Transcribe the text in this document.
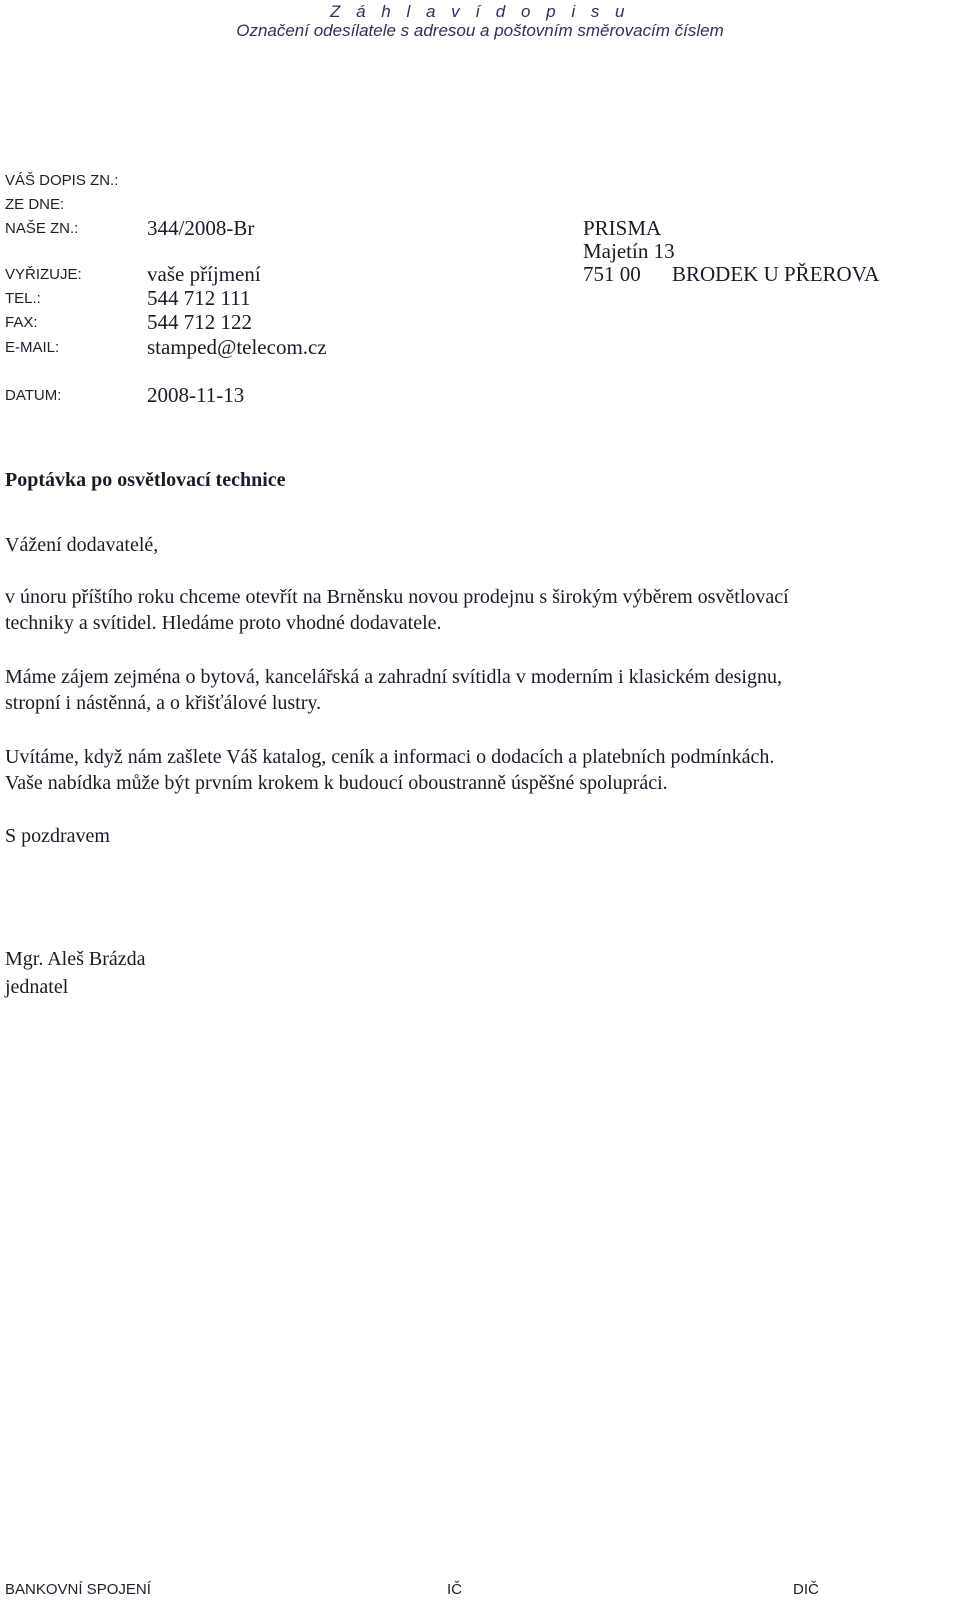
Z á h l a v í d o p i s u
Označení odesílatele s adresou a poštovním směrovacím číslem
VÁŠ DOPIS ZN.:
ZE DNE:
NAŠE ZN.:	344/2008-Br
VYŘIZUJE:	vaše příjmení
TEL.:	544 712 111
FAX:	544 712 122
E-MAIL:	stamped@telecom.cz
DATUM:	2008-11-13
PRISMA
Majetín 13
751 00 BRODEK U PŘEROVA
Poptávka po osvětlovací technice
Vážení dodavatelé,

v únoru příštího roku chceme otevřít na Brněnsku novou prodejnu s širokým výběrem osvětlovací

techniky a svítidel. Hledáme proto vhodné dodavatele.

Máme zájem zejména o bytová, kancelářská a zahradní svítidla v moderním i klasickém designu,

stropní i nástěnná, a o křišťálové lustry.

Uvítáme, když nám zašlete Váš katalog, ceník a informaci o dodacích a platebních podmínkách.

Vaše nabídka může být prvním krokem k budoucí oboustranně úspěšné spolupráci.

S pozdravem
Mgr. Aleš Brázda
jednatel
BANKOVNÍ SPOJENÍ	IČ	DIČ
